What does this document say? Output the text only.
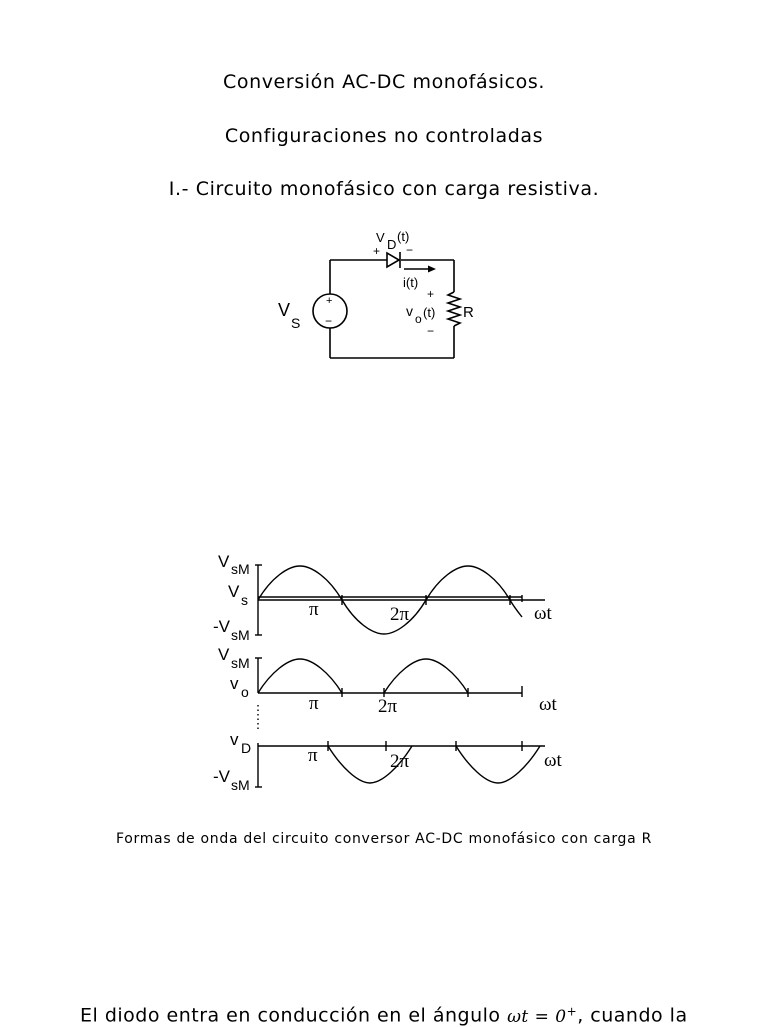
Conversión AC-DC monofásicos.
Configuraciones no controladas
I.- Circuito monofásico con carga resistiva.
+
−
V
S
V D
(t)
+ −
i(t)
+
v o (t)
−
R
V sM
V s
-V sM
π	2π	ωt
V sM
v o
π	2π	ωt
v D
-V sM
π	2π	ωt

Formas de onda del circuito conversor AC-DC monofásico con carga R

El diodo entra en conducción en el ángulo ωt = 0+, cuando la
